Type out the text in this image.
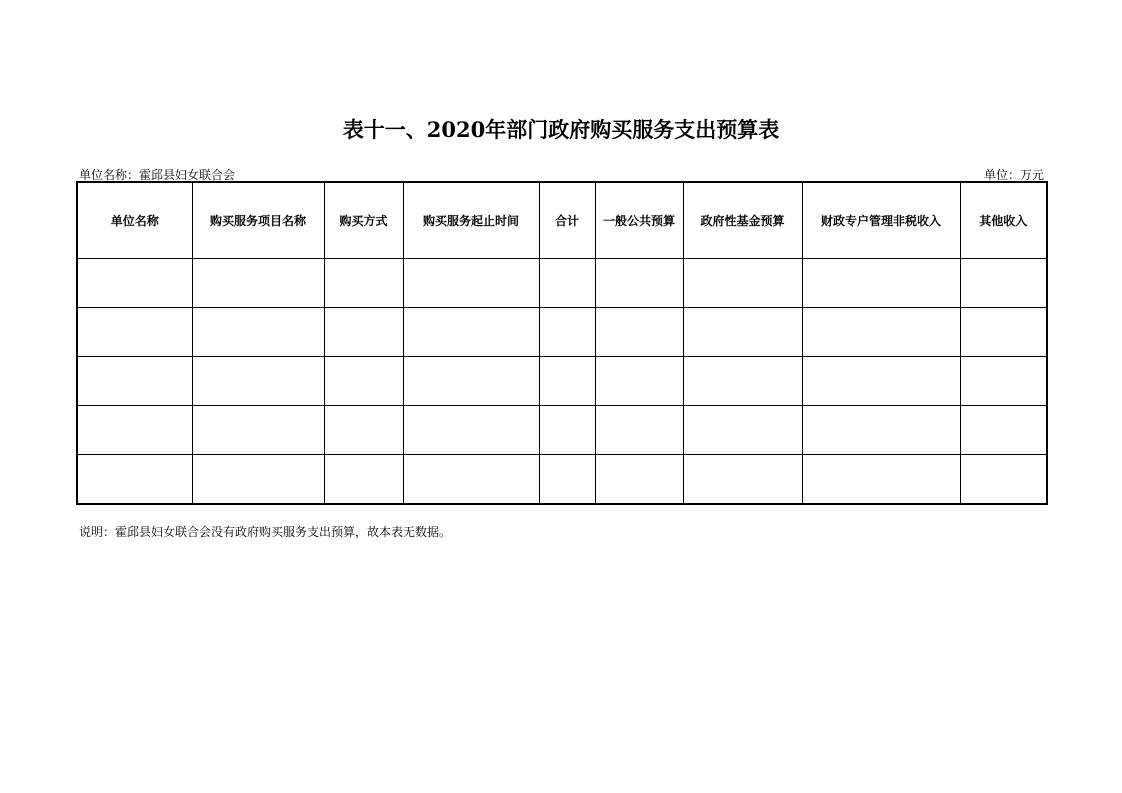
表十一、2020年部门政府购买服务支出预算表
单位名称：霍邱县妇女联合会	单位：万元
单位名称	购买服务项目名称	购买方式	购买服务起止时间	合计	一般公共预算	政府性基金预算	财政专户管理非税收入	其他收入

说明：霍邱县妇女联合会没有政府购买服务支出预算，故本表无数据。
